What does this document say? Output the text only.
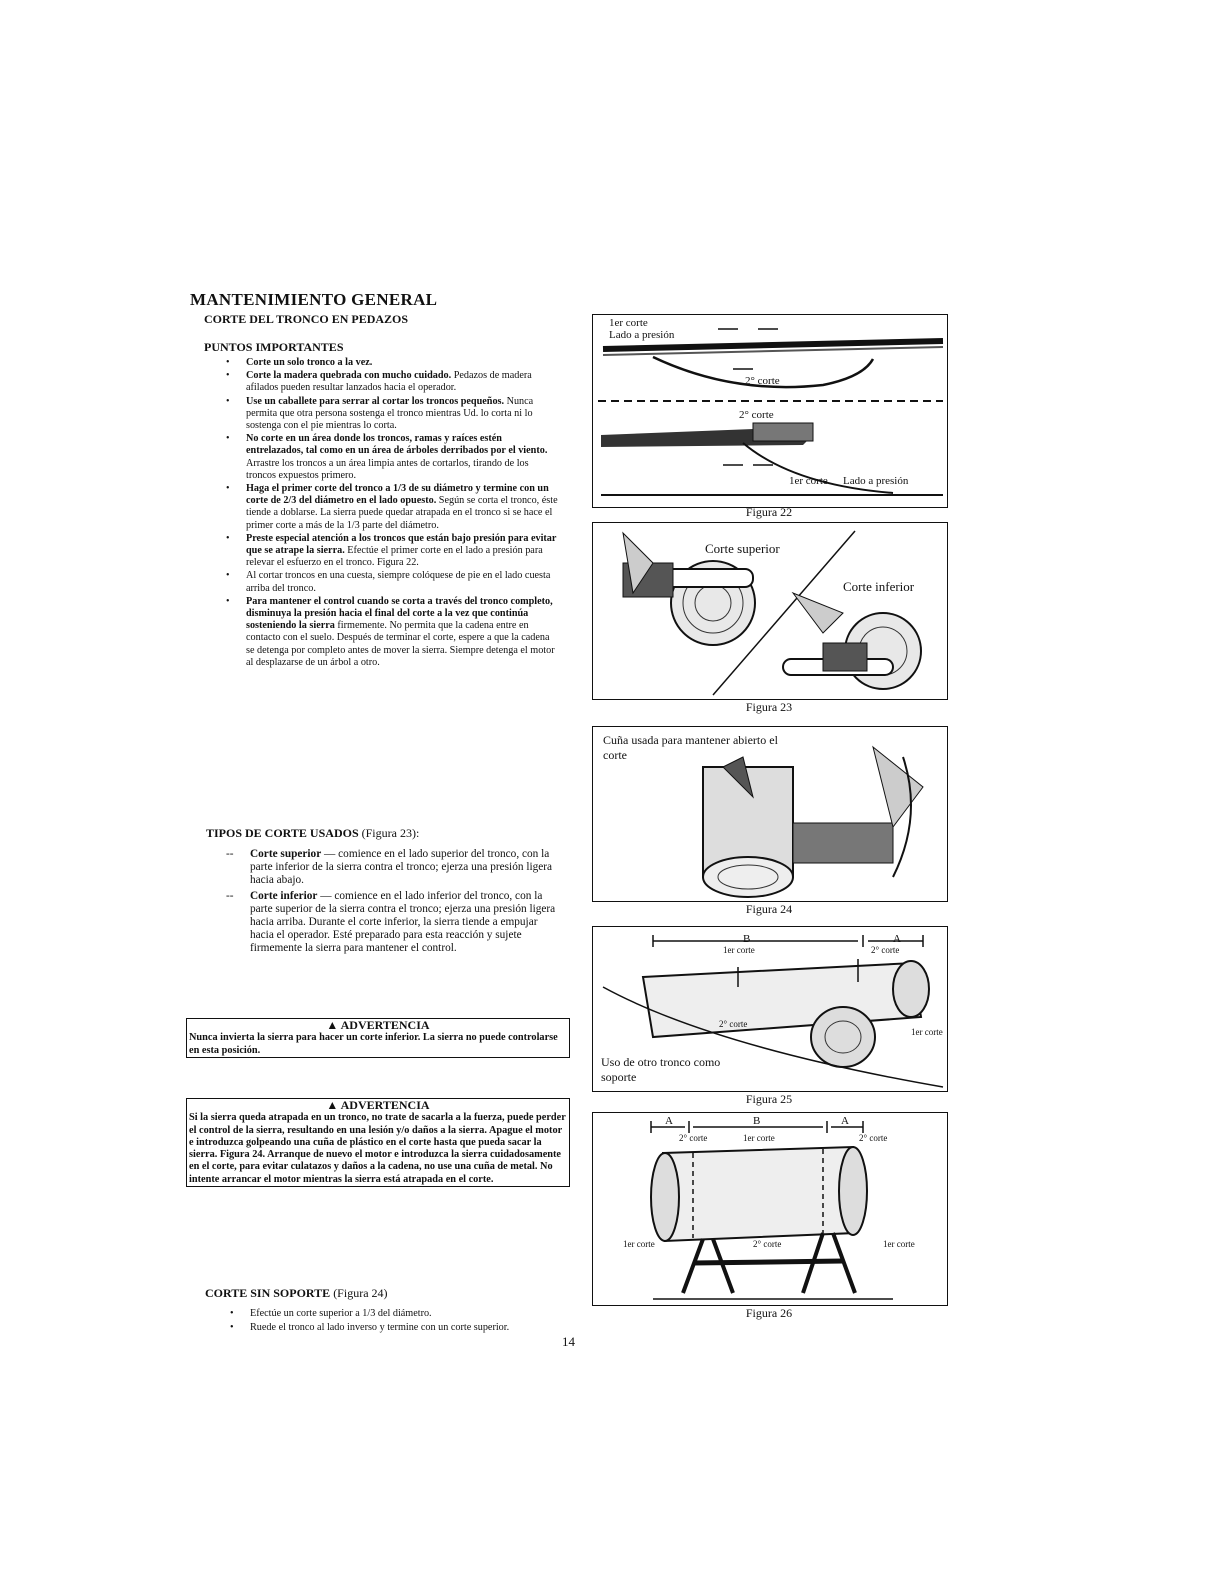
MANTENIMIENTO GENERAL
CORTE DEL TRONCO EN PEDAZOS
PUNTOS IMPORTANTES
• Corte un solo tronco a la vez.
• Corte la madera quebrada con mucho cuidado. Pedazos de madera afilados pueden resultar lanzados hacia el operador.
• Use un caballete para serrar al cortar los troncos pequeños. Nunca permita que otra persona sostenga el tronco mientras Ud. lo corta ni lo sostenga con el pie mientras lo corta.
• No corte en un área donde los troncos, ramas y raíces estén entrelazados, tal como en un área de árboles derribados por el viento. Arrastre los troncos a un área limpia antes de cortarlos, tirando de los troncos expuestos primero.
• Haga el primer corte del tronco a 1/3 de su diámetro y termine con un corte de 2/3 del diámetro en el lado opuesto. Según se corta el tronco, éste tiende a doblarse. La sierra puede quedar atrapada en el tronco si se hace el primer corte a más de la 1/3 parte del diámetro.
• Preste especial atención a los troncos que están bajo presión para evitar que se atrape la sierra. Efectúe el primer corte en el lado a presión para relevar el esfuerzo en el tronco. Figura 22.
• Al cortar troncos en una cuesta, siempre colóquese de pie en el lado cuesta arriba del tronco.
• Para mantener el control cuando se corta a través del tronco completo, disminuya la presión hacia el final del corte a la vez que continúa sosteniendo la sierra firmemente. No permita que la cadena entre en contacto con el suelo. Después de terminar el corte, espere a que la cadena se detenga por completo antes de mover la sierra. Siempre detenga el motor al desplazarse de un árbol a otro.
TIPOS DE CORTE USADOS (Figura 23):
--	Corte superior — comience en el lado superior del tronco, con la parte inferior de la sierra contra el tronco; ejerza una presión ligera hacia abajo.
--	Corte inferior — comience en el lado inferior del tronco, con la parte superior de la sierra contra el tronco; ejerza una presión ligera hacia arriba. Durante el corte inferior, la sierra tiende a empujar hacia el operador. Esté preparado para esta reacción y sujete firmemente la sierra para mantener el control.
▲ ADVERTENCIA
Nunca invierta la sierra para hacer un corte inferior. La sierra no puede controlarse en esta posición.
▲ ADVERTENCIA
Si la sierra queda atrapada en un tronco, no trate de sacarla a la fuerza, puede perder el control de la sierra, resultando en una lesión y/o daños a la sierra. Apague el motor e introduzca golpeando una cuña de plástico en el corte hasta que pueda sacar la sierra. Figura 24. Arranque de nuevo el motor e introduzca la sierra cuidadosamente en el corte, para evitar culatazos y daños a la cadena, no use una cuña de metal. No intente arrancar el motor mientras la sierra está atrapada en el corte.
CORTE SIN SOPORTE (Figura 24)
• Efectúe un corte superior a 1/3 del diámetro.
• Ruede el tronco al lado inverso y termine con un corte superior.
14
1er corte
Lado a presión
2° corte
2° corte
1er corte Lado a presión
Figura 22
Corte superior
Corte inferior
Figura 23
Cuña usada para mantener abierto el corte
Figura 24
B	A
1er corte	2° corte
2° corte
1er corte
Uso de otro tronco como soporte
Figura 25
A	B	A
2° corte	1er corte	2° corte
1er corte	2° corte	1er corte
Figura 26
